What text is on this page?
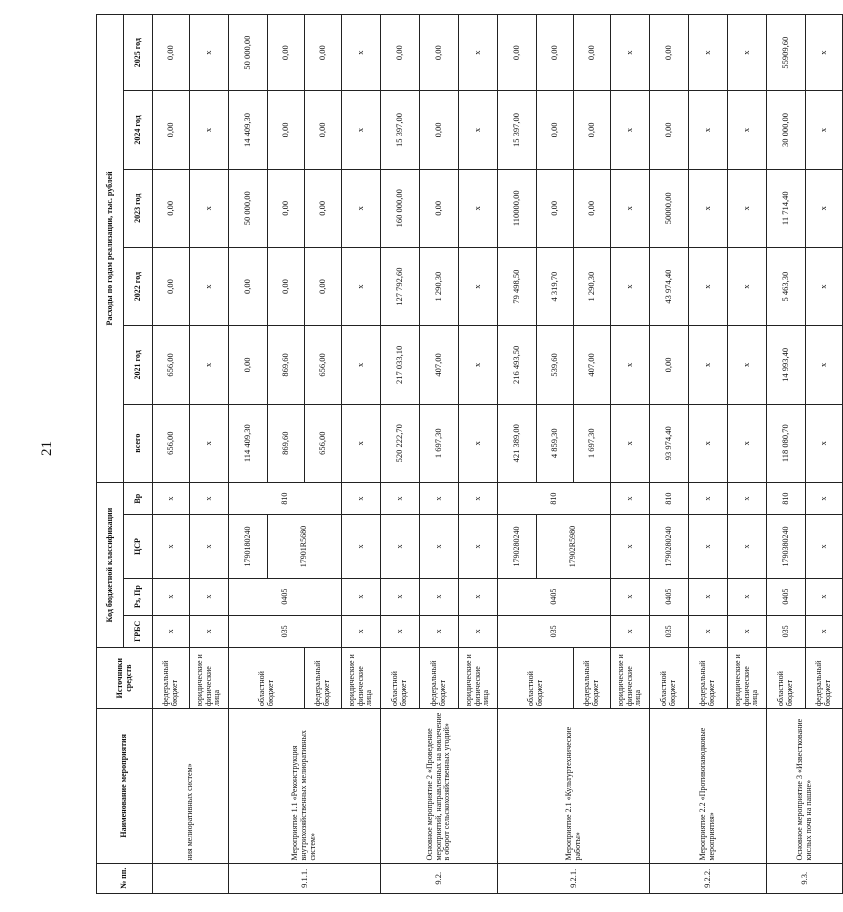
21
№ пп.	Наименование мероприятия	Источники средств	Код бюджетной классификации				Расходы по годам реализации, тыс. рублей					
			ГРБС	Рз, Пр	ЦСР	Вр	всего	2021 год	2022 год	2023 год	2024 год	2025 год
	ния мелиоративных систем»	федеральный бюджет	х	х	х	х	656,00	656,00	0,00	0,00	0,00	0,00
		юридические и физические лица	х	х	х	х	х	х	х	х	х	х
9.1.1.	Мероприятие 1.1 «Реконструкция внутрихозяйственных мелиоративных систем»	областной бюджет	035	0405	1790180240	810	114 409,30	0,00	0,00	50 000,00	14 409,30	50 000,00
					17901R5680		869,60	869,60	0,00	0,00	0,00	0,00
		федеральный бюджет					656,00	656,00	0,00	0,00	0,00	0,00
		юридические и физические лица	х	х	х	х	х	х	х	х	х	х
9.2.	Основное мероприятие 2 «Проведение мероприятий, направленных на вовлечение в оборот сельскохозяйственных угодий»	областной бюджет	х	х	х	х	520 222,70	217 033,10	127 792,60	160 000,00	15 397,00	0,00
		федеральный бюджет	х	х	х	х	1 697,30	407,00	1 290,30	0,00	0,00	0,00
		юридические и физические лица	х	х	х	х	х	х	х	х	х	х
9.2.1.	Мероприятие 2.1 «Культуртехнические работы»	областной бюджет	035	0405	1790280240	810	421 389,00	216 493,50	79 498,50	110000,00	15 397,00	0,00
					17902R5980		4 859,30	539,60	4 319,70	0,00	0,00	0,00
		федеральный бюджет					1 697,30	407,00	1 290,30	0,00	0,00	0,00
		юридические и физические лица	х	х	х	х	х	х	х	х	х	х
9.2.2.	Мероприятие 2.2 «Противопаводковые мероприятия»	областной бюджет	035	0405	1790280240	810	93 974,40	0,00	43 974,40	50000,00	0,00	0,00
		федеральный бюджет	х	х	х	х	х	х	х	х	х	х
		юридические и физические лица	х	х	х	х	х	х	х	х	х	х
9.3.	Основное мероприятие 3 «Известкование кислых почв на пашне»	областной бюджет	035	0405	1790380240	810	118 080,70	14 993,40	5 463,30	11 714,40	30 000,00	55909,60
		федеральный бюджет	х	х	х	х	х	х	х	х	х	х
